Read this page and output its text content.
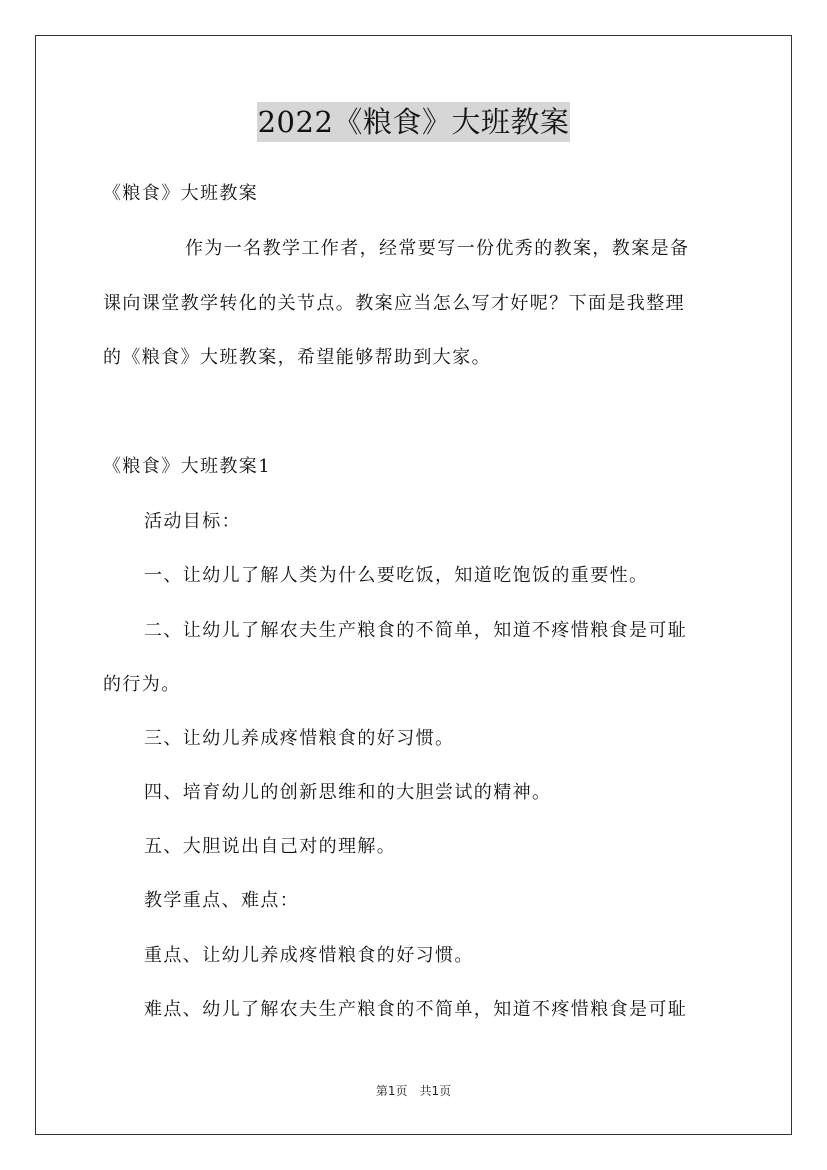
2022《粮食》大班教案

《粮食》大班教案

作为一名教学工作者，经常要写一份优秀的教案，教案是备

课向课堂教学转化的关节点。教案应当怎么写才好呢？下面是我整理

的《粮食》大班教案，希望能够帮助到大家。

《粮食》大班教案1

活动目标：

一、让幼儿了解人类为什么要吃饭，知道吃饱饭的重要性。

二、让幼儿了解农夫生产粮食的不简单，知道不疼惜粮食是可耻

的行为。

三、让幼儿养成疼惜粮食的好习惯。

四、培育幼儿的创新思维和的大胆尝试的精神。

五、大胆说出自己对的理解。

教学重点、难点：

重点、让幼儿养成疼惜粮食的好习惯。

难点、幼儿了解农夫生产粮食的不简单，知道不疼惜粮食是可耻

第1页　共1页
